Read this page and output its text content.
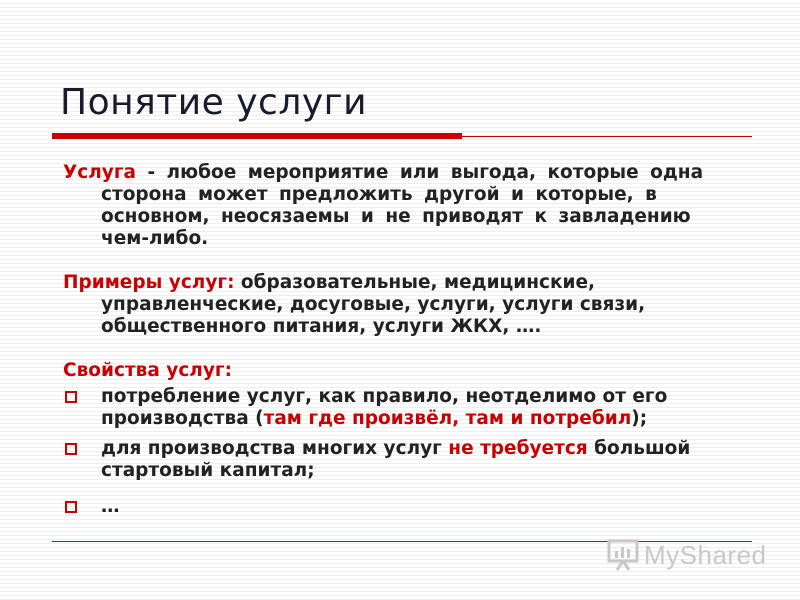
Понятие услуги

Услуга - любое мероприятие или выгода, которые одна сторона может предложить другой и которые, в основном, неосязаемы и не приводят к завладению чем-либо.

Примеры услуг: образовательные, медицинские, управленческие, досуговые, услуги, услуги связи, общественного питания, услуги ЖКХ, ….

Свойства услуг:
потребление услуг, как правило, неотделимо от его производства (там где произвёл, там и потребил);
для производства многих услуг не требуется большой стартовый капитал;
…
MyShared
